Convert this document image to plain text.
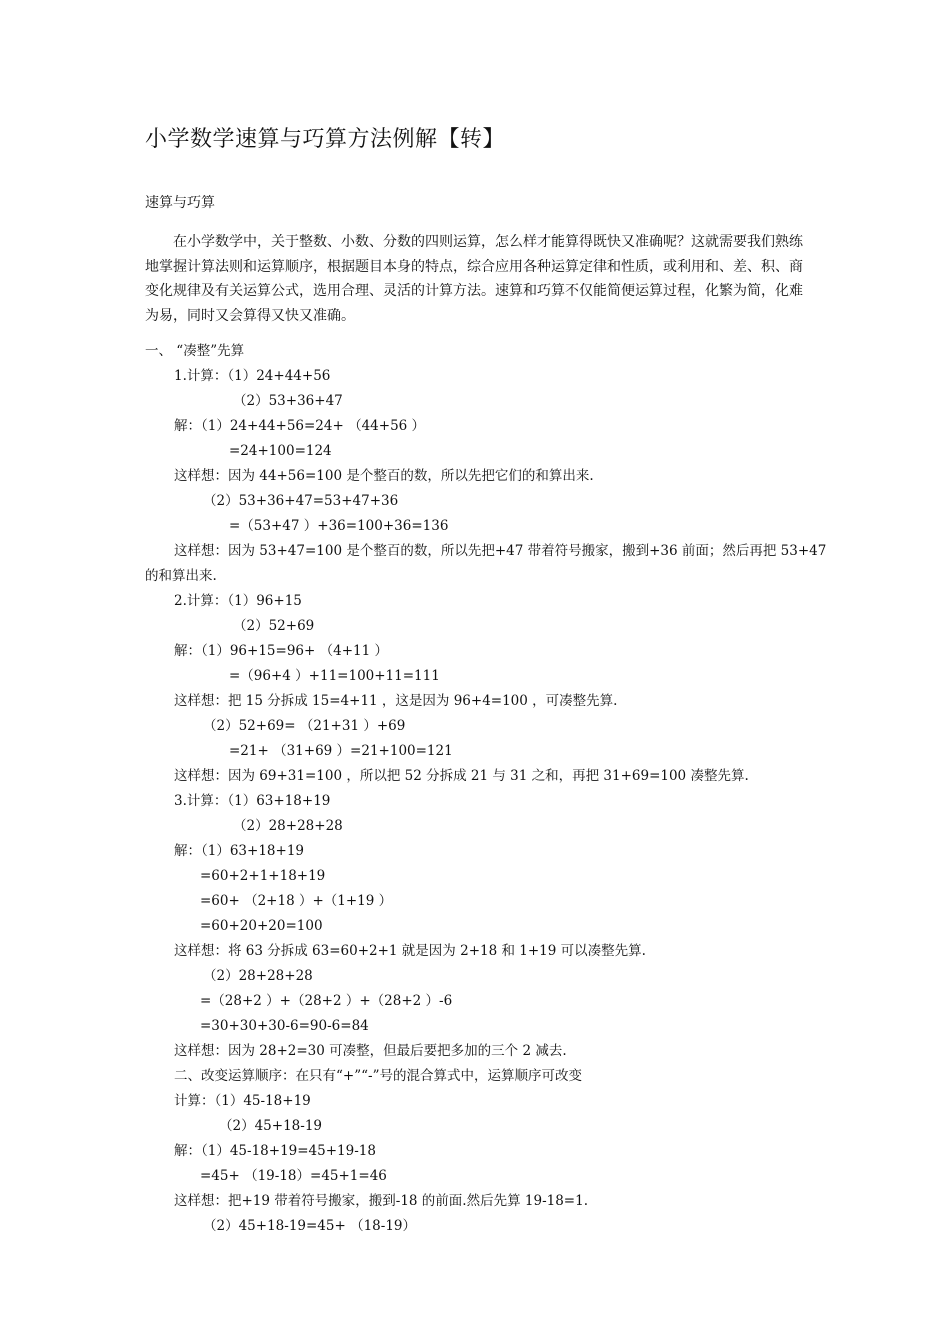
小学数学速算与巧算方法例解【转】
速算与巧算
在小学数学中，关于整数、小数、分数的四则运算，怎么样才能算得既快又准确呢？这就需要我们熟练地掌握计算法则和运算顺序，根据题目本身的特点，综合应用各种运算定律和性质，或利用和、差、积、商变化规律及有关运算公式，选用合理、灵活的计算方法。速算和巧算不仅能简便运算过程，化繁为简，化难为易，同时又会算得又快又准确。
一、 “凑整”先算
1.计算：（1）24+44+56
（2）53+36+47
解：（1）24+44+56=24+ （44+56 ）
=24+100=124
这样想：因为 44+56=100 是个整百的数，所以先把它们的和算出来.
（2）53+36+47=53+47+36
=（53+47 ）+36=100+36=136
这样想：因为 53+47=100 是个整百的数，所以先把+47 带着符号搬家，搬到+36 前面；然后再把 53+47
的和算出来.
2.计算：（1）96+15
（2）52+69
解：（1）96+15=96+ （4+11 ）
=（96+4 ）+11=100+11=111
这样想：把 15 分拆成 15=4+11 ，这是因为 96+4=100 ，可凑整先算.
（2）52+69= （21+31 ）+69
=21+ （31+69 ）=21+100=121
这样想：因为 69+31=100 ，所以把 52 分拆成 21 与 31 之和，再把 31+69=100 凑整先算.
3.计算：（1）63+18+19
（2）28+28+28
解：（1）63+18+19
=60+2+1+18+19
=60+ （2+18 ）+（1+19 ）
=60+20+20=100
这样想：将 63 分拆成 63=60+2+1 就是因为 2+18 和 1+19 可以凑整先算.
（2）28+28+28
=（28+2 ）+（28+2 ）+（28+2 ）-6
=30+30+30-6=90-6=84
这样想：因为 28+2=30 可凑整，但最后要把多加的三个 2 减去.
二、改变运算顺序：在只有“+”“-”号的混合算式中，运算顺序可改变
计算：（1）45-18+19
（2）45+18-19
解：（1）45-18+19=45+19-18
=45+ （19-18）=45+1=46
这样想：把+19 带着符号搬家，搬到-18 的前面.然后先算 19-18=1.
（2）45+18-19=45+ （18-19）
